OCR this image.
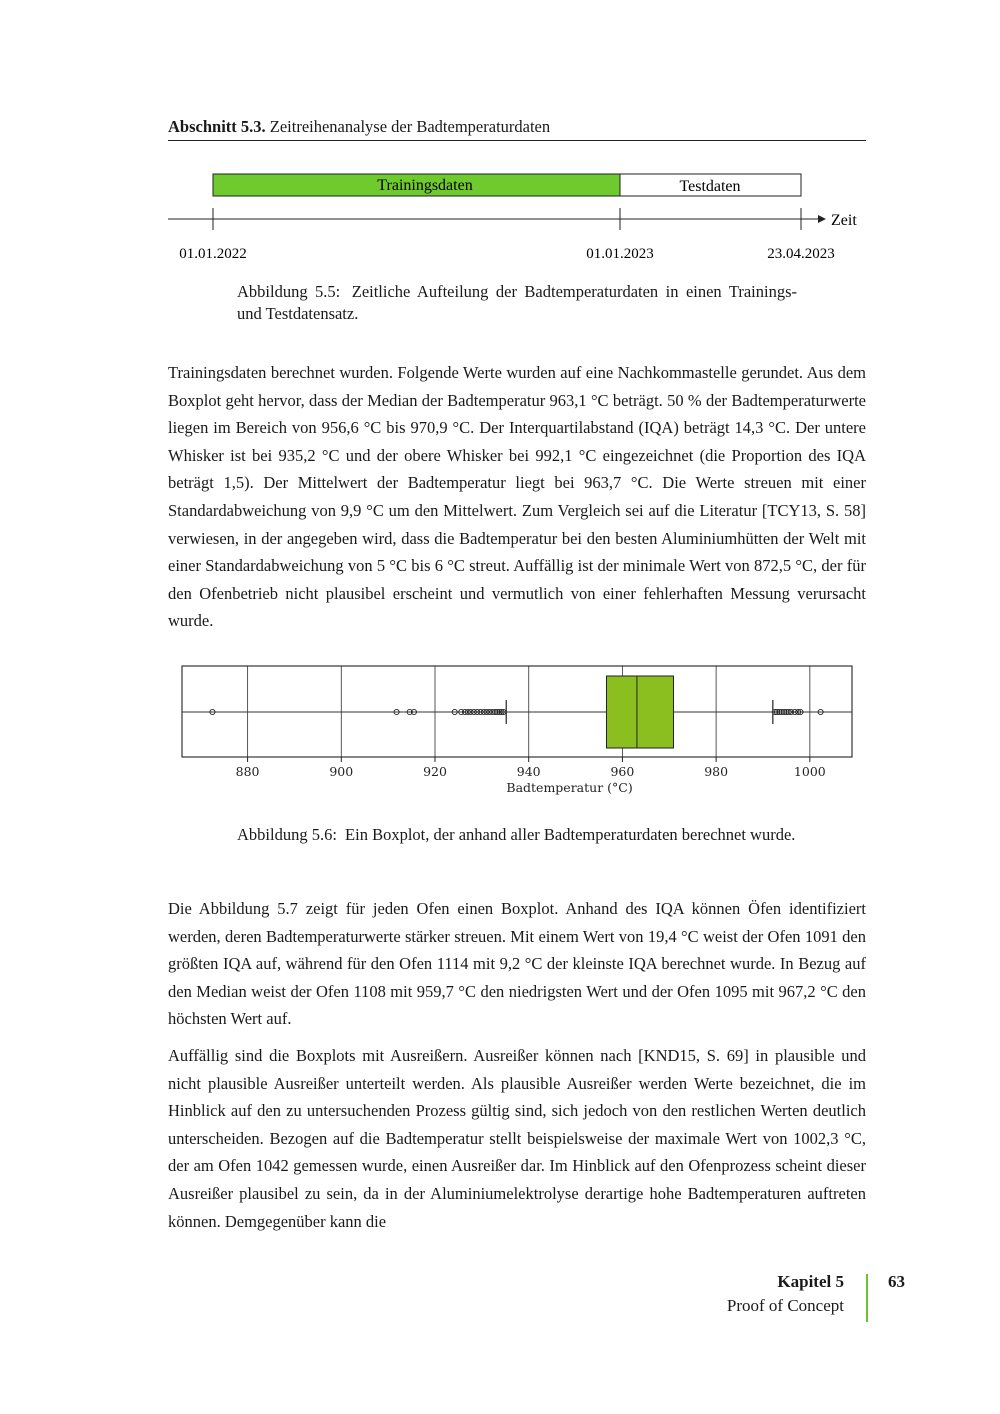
Abschnitt 5.3. Zeitreihenanalyse der Badtemperaturdaten
Trainingsdaten	Testdaten
Zeit
01.01.2022	01.01.2023	23.04.2023
Abbildung 5.5: Zeitliche Aufteilung der Badtemperaturdaten in einen Trainings- und Testdatensatz.

Trainingsdaten berechnet wurden. Folgende Werte wurden auf eine Nachkommastelle gerundet. Aus dem Boxplot geht hervor, dass der Median der Badtemperatur 963,1 °C beträgt. 50 % der Badtemperaturwerte liegen im Bereich von 956,6 °C bis 970,9 °C. Der Interquartilabstand (IQA) beträgt 14,3 °C. Der untere Whisker ist bei 935,2 °C und der obere Whisker bei 992,1 °C eingezeichnet (die Proportion des IQA beträgt 1,5). Der Mittelwert der Badtemperatur liegt bei 963,7 °C. Die Werte streuen mit einer Standardabweichung von 9,9 °C um den Mittelwert. Zum Vergleich sei auf die Literatur [TCY13, S. 58] verwiesen, in der angegeben wird, dass die Badtemperatur bei den besten Aluminiumhütten der Welt mit einer Standardabweichung von 5 °C bis 6 °C streut. Auffällig ist der minimale Wert von 872,5 °C, der für den Ofenbetrieb nicht plausibel erscheint und vermutlich von einer fehlerhaften Messung verursacht wurde.

880	900	920	940	960	980	1000
Badtemperatur (°C)
Abbildung 5.6: Ein Boxplot, der anhand aller Badtemperaturdaten berechnet wurde.

Die Abbildung 5.7 zeigt für jeden Ofen einen Boxplot. Anhand des IQA können Öfen identifiziert werden, deren Badtemperaturwerte stärker streuen. Mit einem Wert von 19,4 °C weist der Ofen 1091 den größten IQA auf, während für den Ofen 1114 mit 9,2 °C der kleinste IQA berechnet wurde. In Bezug auf den Median weist der Ofen 1108 mit 959,7 °C den niedrigsten Wert und der Ofen 1095 mit 967,2 °C den höchsten Wert auf.

Auffällig sind die Boxplots mit Ausreißern. Ausreißer können nach [KND15, S. 69] in plausible und nicht plausible Ausreißer unterteilt werden. Als plausible Ausreißer werden Werte bezeichnet, die im Hinblick auf den zu untersuchenden Prozess gültig sind, sich jedoch von den restlichen Werten deutlich unterscheiden. Bezogen auf die Badtemperatur stellt beispielsweise der maximale Wert von 1002,3 °C, der am Ofen 1042 gemessen wurde, einen Ausreißer dar. Im Hinblick auf den Ofenprozess scheint dieser Ausreißer plausibel zu sein, da in der Aluminiumelektrolyse derartige hohe Badtemperaturen auftreten können. Demgegenüber kann die

Kapitel 5
Proof of Concept
63
